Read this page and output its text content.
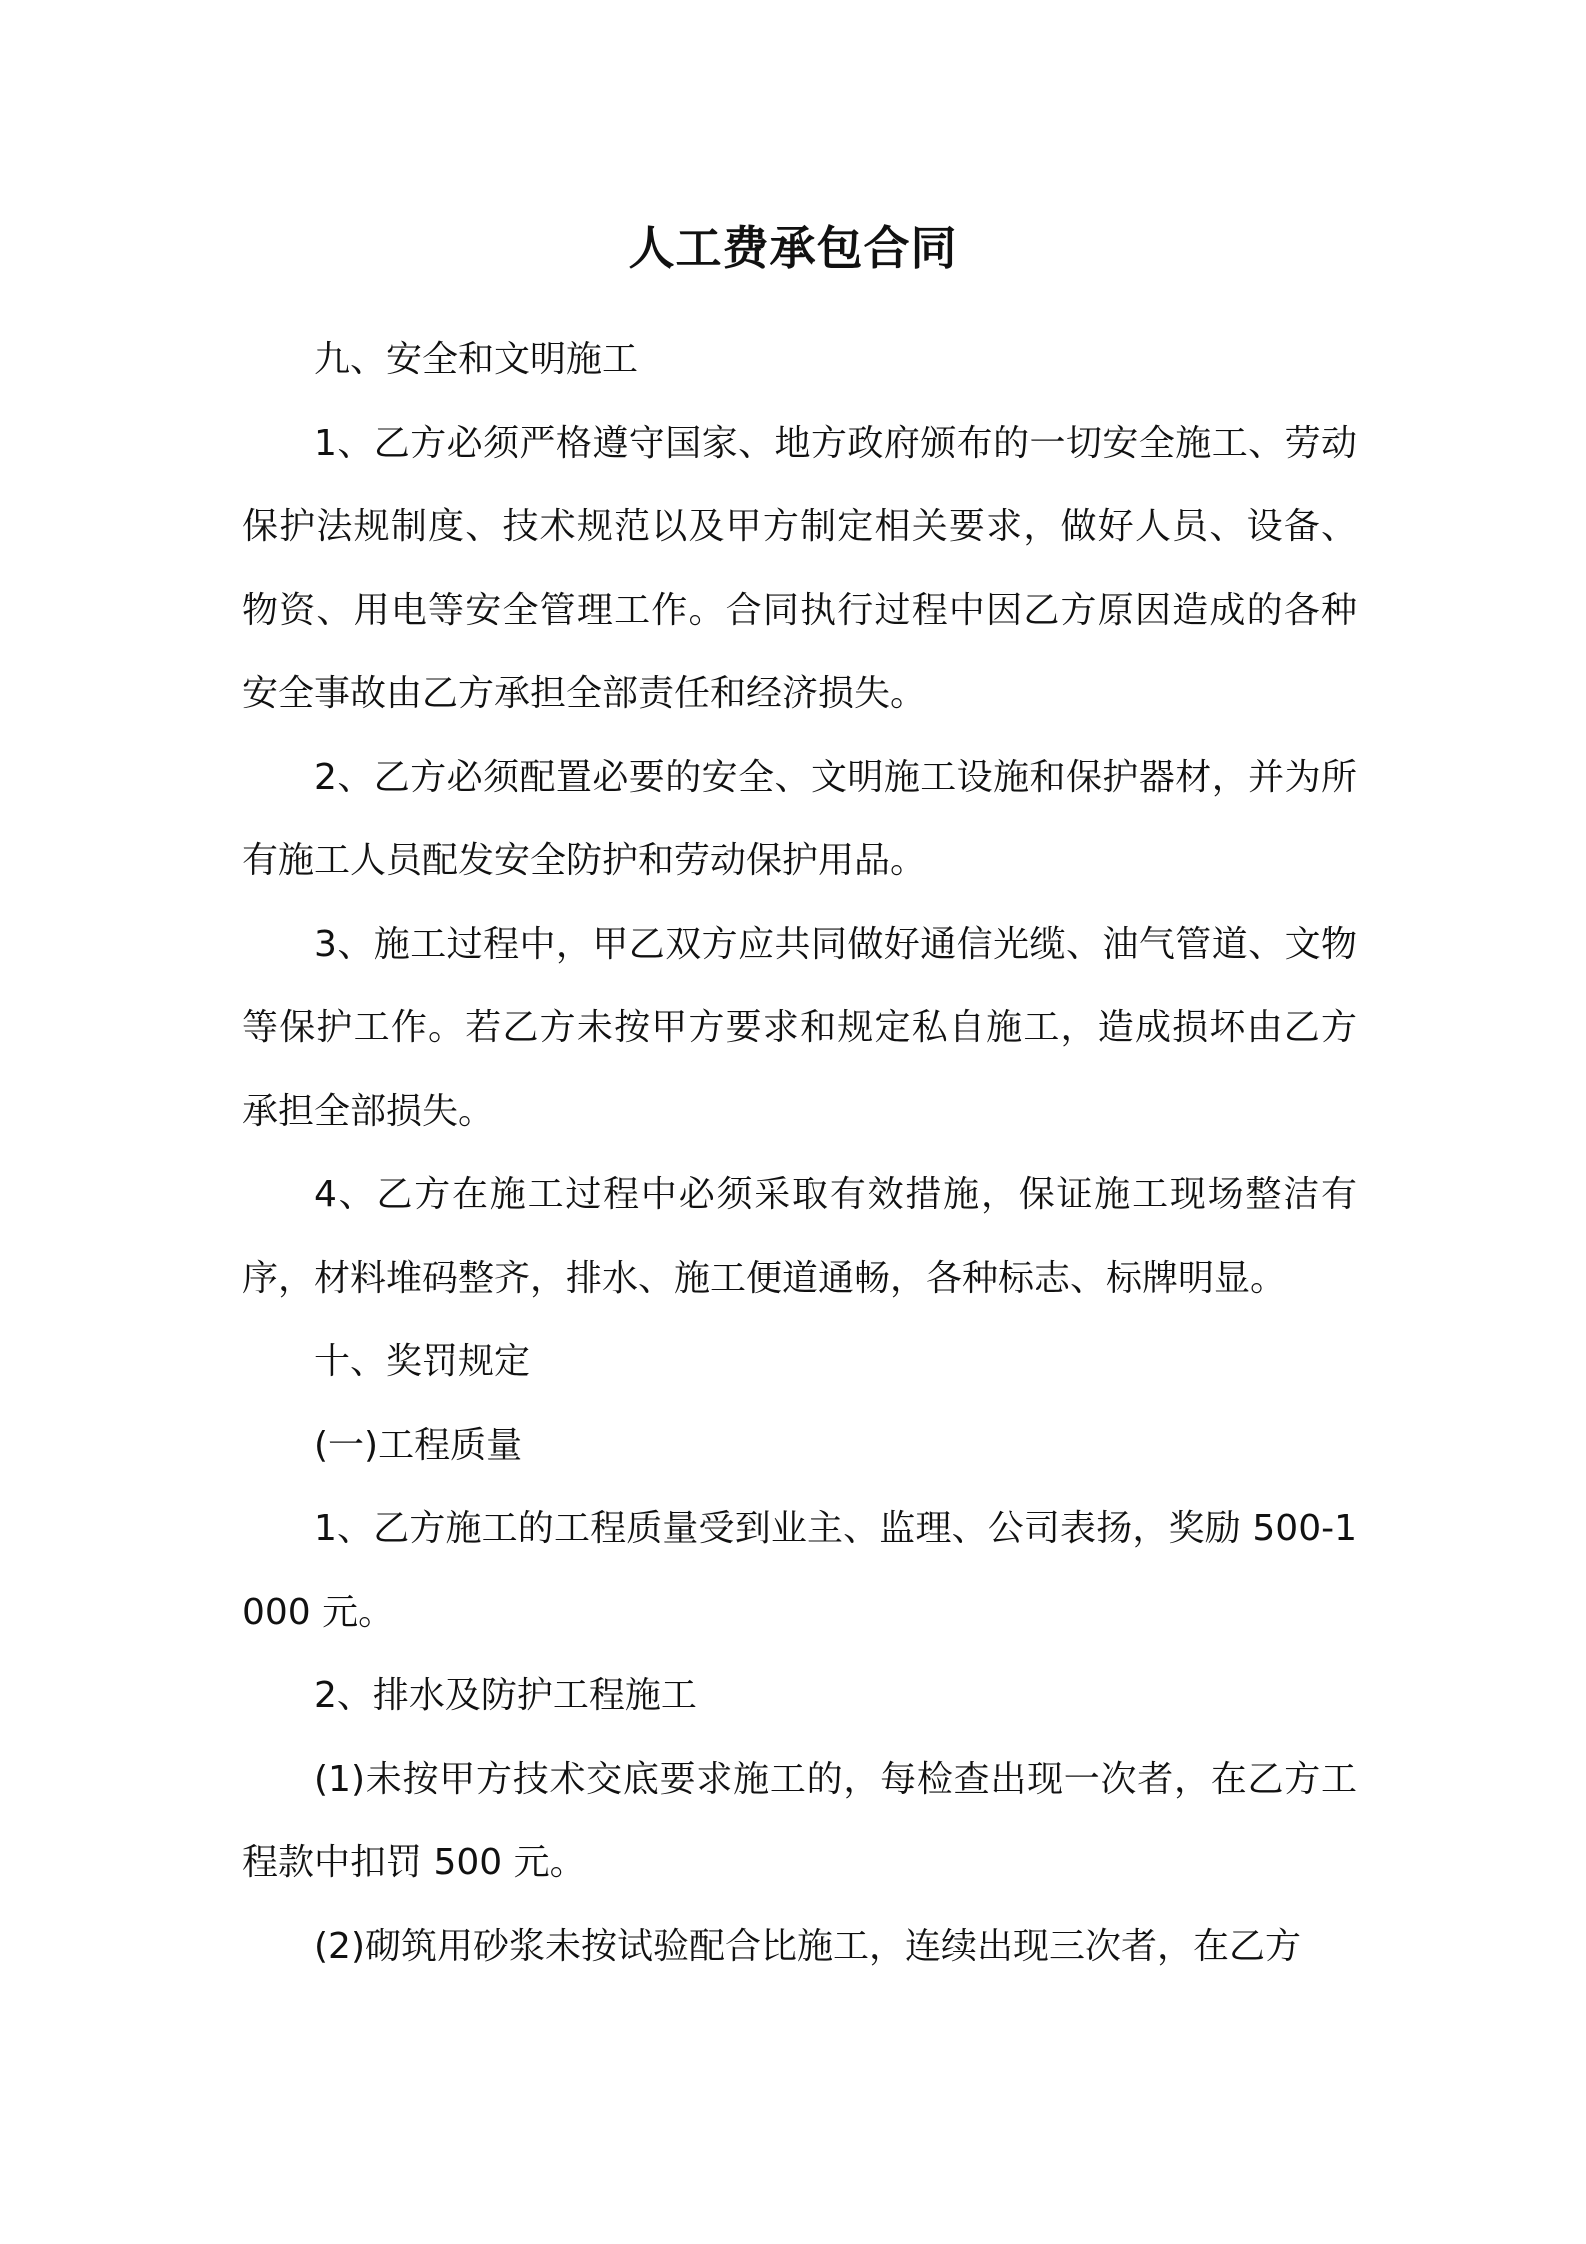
人工费承包合同

九、安全和文明施工

1、乙方必须严格遵守国家、地方政府颁布的一切安全施工、劳动保护法规制度、技术规范以及甲方制定相关要求，做好人员、设备、物资、用电等安全管理工作。合同执行过程中因乙方原因造成的各种安全事故由乙方承担全部责任和经济损失。

2、乙方必须配置必要的安全、文明施工设施和保护器材，并为所有施工人员配发安全防护和劳动保护用品。

3、施工过程中，甲乙双方应共同做好通信光缆、油气管道、文物等保护工作。若乙方未按甲方要求和规定私自施工，造成损坏由乙方承担全部损失。

4、乙方在施工过程中必须采取有效措施，保证施工现场整洁有序，材料堆码整齐，排水、施工便道通畅，各种标志、标牌明显。

十、奖罚规定

(一)工程质量

1、乙方施工的工程质量受到业主、监理、公司表扬，奖励 500-1000 元。

2、排水及防护工程施工

(1)未按甲方技术交底要求施工的，每检查出现一次者，在乙方工程款中扣罚 500 元。

(2)砌筑用砂浆未按试验配合比施工，连续出现三次者，在乙方
